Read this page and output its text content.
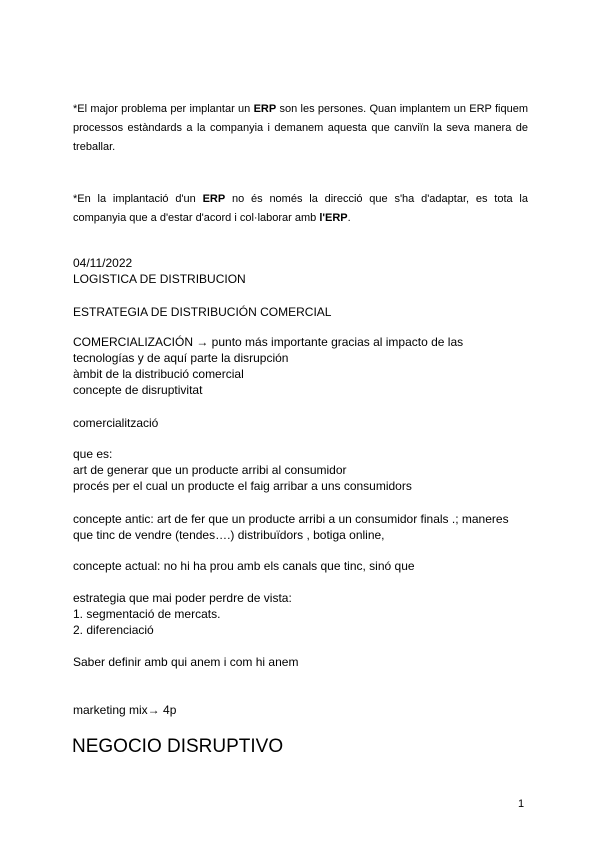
*El major problema per implantar un ERP son les persones. Quan implantem un ERP fiquem processos estàndards a la companyia i demanem aquesta que canviïn la seva manera de treballar.

*En la implantació d'un ERP no és només la direcció que s'ha d'adaptar, es tota la companyia que a d'estar d'acord i col·laborar amb l'ERP.

04/11/2022
LOGISTICA DE DISTRIBUCION
ESTRATEGIA DE DISTRIBUCIÓN COMERCIAL
COMERCIALIZACIÓN → punto más importante gracias al impacto de las
tecnologías y de aquí parte la disrupción
àmbit de la distribució comercial
concepte de disruptivitat
comercialització
que es:
art de generar que un producte arribi al consumidor
procés per el cual un producte el faig arribar a uns consumidors
concepte antic: art de fer que un producte arribi a un consumidor finals .; maneres
que tinc de vendre (tendes….) distribuïdors , botiga online,
concepte actual: no hi ha prou amb els canals que tinc, sinó que
estrategia que mai poder perdre de vista:
1. segmentació de mercats.
2. diferenciació
Saber definir amb qui anem i com hi anem
marketing mix→ 4p
NEGOCIO DISRUPTIVO
1
